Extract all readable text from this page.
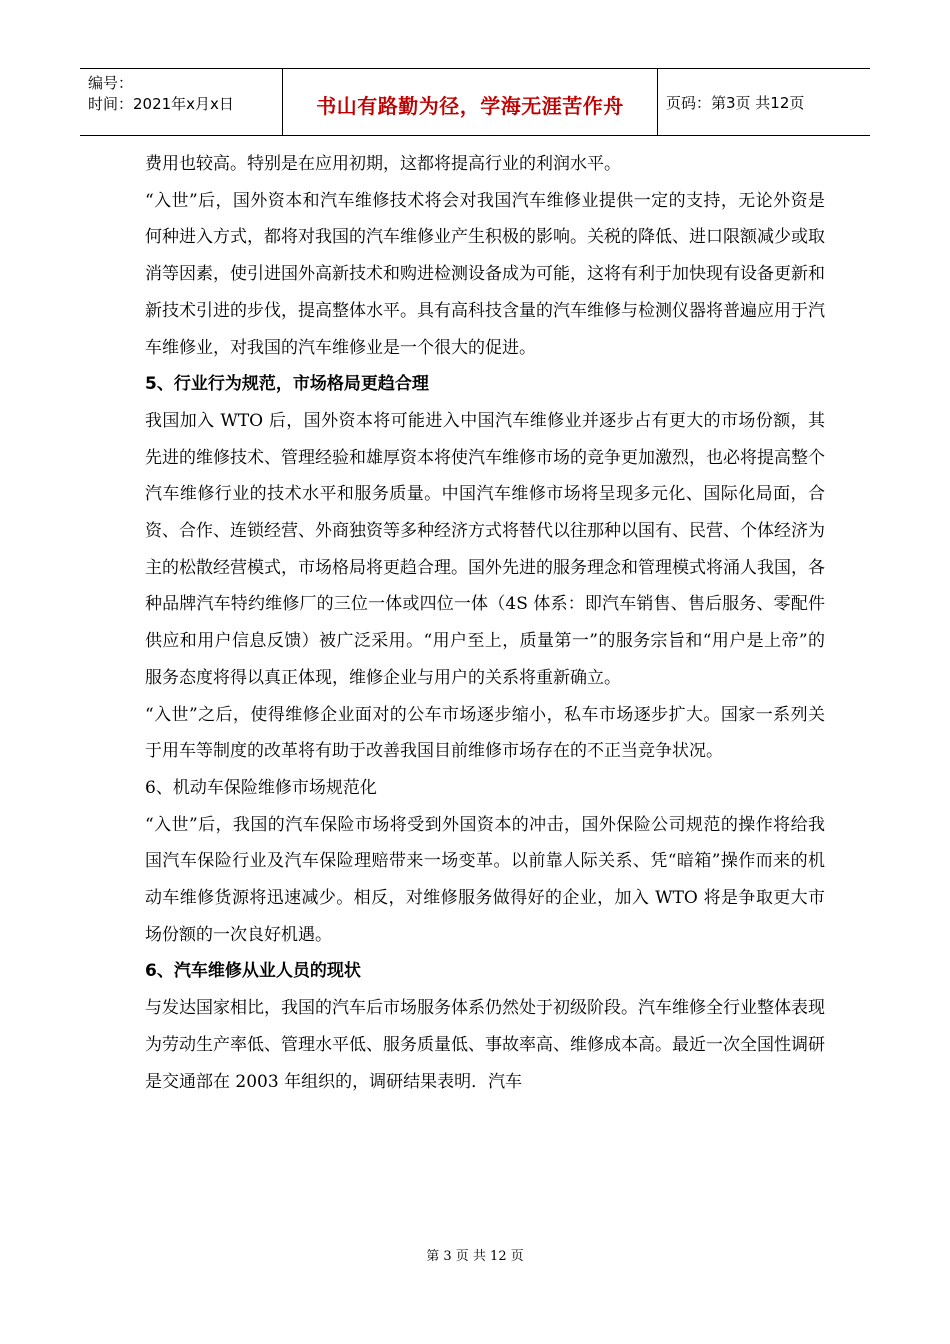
编号：
时间：2021年x月x日	书山有路勤为径，学海无涯苦作舟	页码：第3页 共12页

费用也较高。特别是在应用初期，这都将提高行业的利润水平。

“入世”后，国外资本和汽车维修技术将会对我国汽车维修业提供一定的支持，无论外资是何种进入方式，都将对我国的汽车维修业产生积极的影响。关税的降低、进口限额减少或取消等因素，使引进国外高新技术和购进检测设备成为可能，这将有利于加快现有设备更新和新技术引进的步伐，提高整体水平。具有高科技含量的汽车维修与检测仪器将普遍应用于汽车维修业，对我国的汽车维修业是一个很大的促进。

5、行业行为规范，市场格局更趋合理

我国加入 WTO 后，国外资本将可能进入中国汽车维修业并逐步占有更大的市场份额，其先进的维修技术、管理经验和雄厚资本将使汽车维修市场的竞争更加激烈，也必将提高整个汽车维修行业的技术水平和服务质量。中国汽车维修市场将呈现多元化、国际化局面，合资、合作、连锁经营、外商独资等多种经济方式将替代以往那种以国有、民营、个体经济为主的松散经营模式，市场格局将更趋合理。国外先进的服务理念和管理模式将涌人我国，各种品牌汽车特约维修厂的三位一体或四位一体（4S 体系：即汽车销售、售后服务、零配件供应和用户信息反馈）被广泛采用。“用户至上，质量第一”的服务宗旨和“用户是上帝”的服务态度将得以真正体现，维修企业与用户的关系将重新确立。

“入世”之后，使得维修企业面对的公车市场逐步缩小，私车市场逐步扩大。国家一系列关于用车等制度的改革将有助于改善我国目前维修市场存在的不正当竞争状况。

6、机动车保险维修市场规范化

“入世”后，我国的汽车保险市场将受到外国资本的冲击，国外保险公司规范的操作将给我国汽车保险行业及汽车保险理赔带来一场变革。以前靠人际关系、凭“暗箱”操作而来的机动车维修货源将迅速减少。相反，对维修服务做得好的企业，加入 WTO 将是争取更大市场份额的一次良好机遇。

6、汽车维修从业人员的现状

与发达国家相比，我国的汽车后市场服务体系仍然处于初级阶段。汽车维修全行业整体表现为劳动生产率低、管理水平低、服务质量低、事故率高、维修成本高。最近一次全国性调研是交通部在 2003 年组织的，调研结果表明．汽车

第 3 页 共 12 页
